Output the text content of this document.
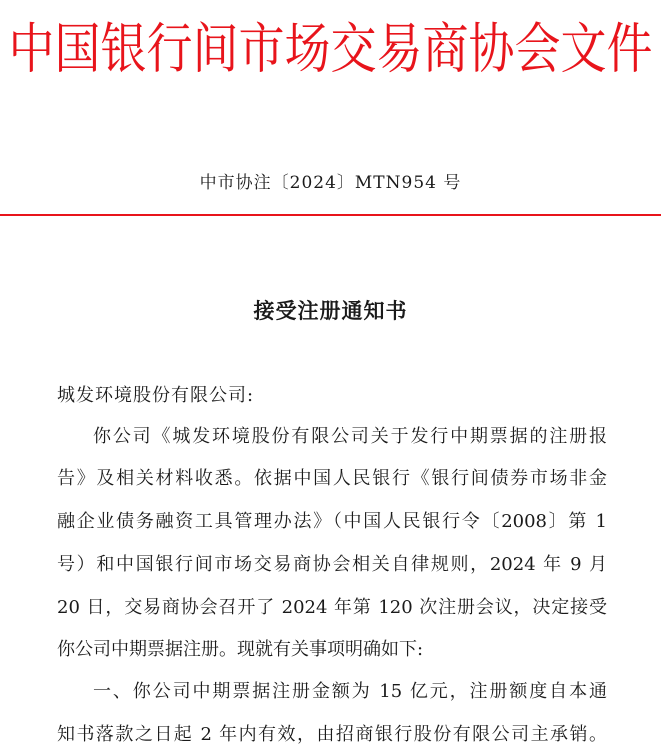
中国银行间市场交易商协会文件
中市协注〔2024〕MTN954 号
接受注册通知书
城发环境股份有限公司:
你公司《城发环境股份有限公司关于发行中期票据的注册报
告》及相关材料收悉。依据中国人民银行《银行间债券市场非金
融企业债务融资工具管理办法》（中国人民银行令〔2008〕第 1
号）和中国银行间市场交易商协会相关自律规则，2024 年 9 月
20 日，交易商协会召开了 2024 年第 120 次注册会议，决定接受
你公司中期票据注册。现就有关事项明确如下:
一、你公司中期票据注册金额为 15 亿元，注册额度自本通
知书落款之日起 2 年内有效，由招商银行股份有限公司主承销。
